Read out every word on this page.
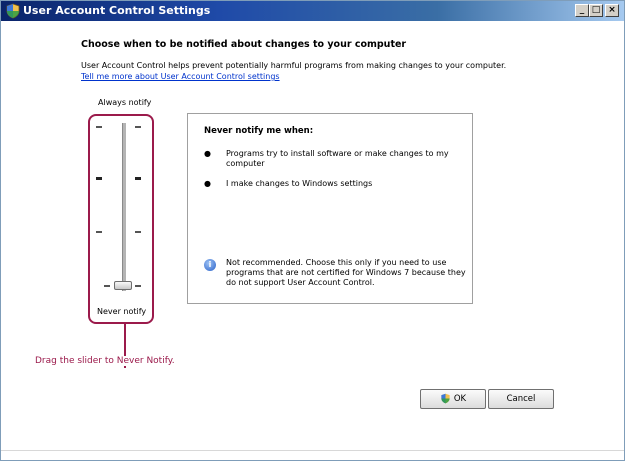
User Account Control Settings	_ □ ×
Choose when to be notified about changes to your computer
User Account Control helps prevent potentially harmful programs from making changes to your computer.
Tell me more about User Account Control settings
Always notify
Never notify
Drag the slider to Never Notify.
Never notify me when:
● Programs try to install software or make changes to my computer
● I make changes to Windows settings
i	Not recommended. Choose this only if you need to use programs that are not certified for Windows 7 because they do not support User Account Control.
OK	Cancel
